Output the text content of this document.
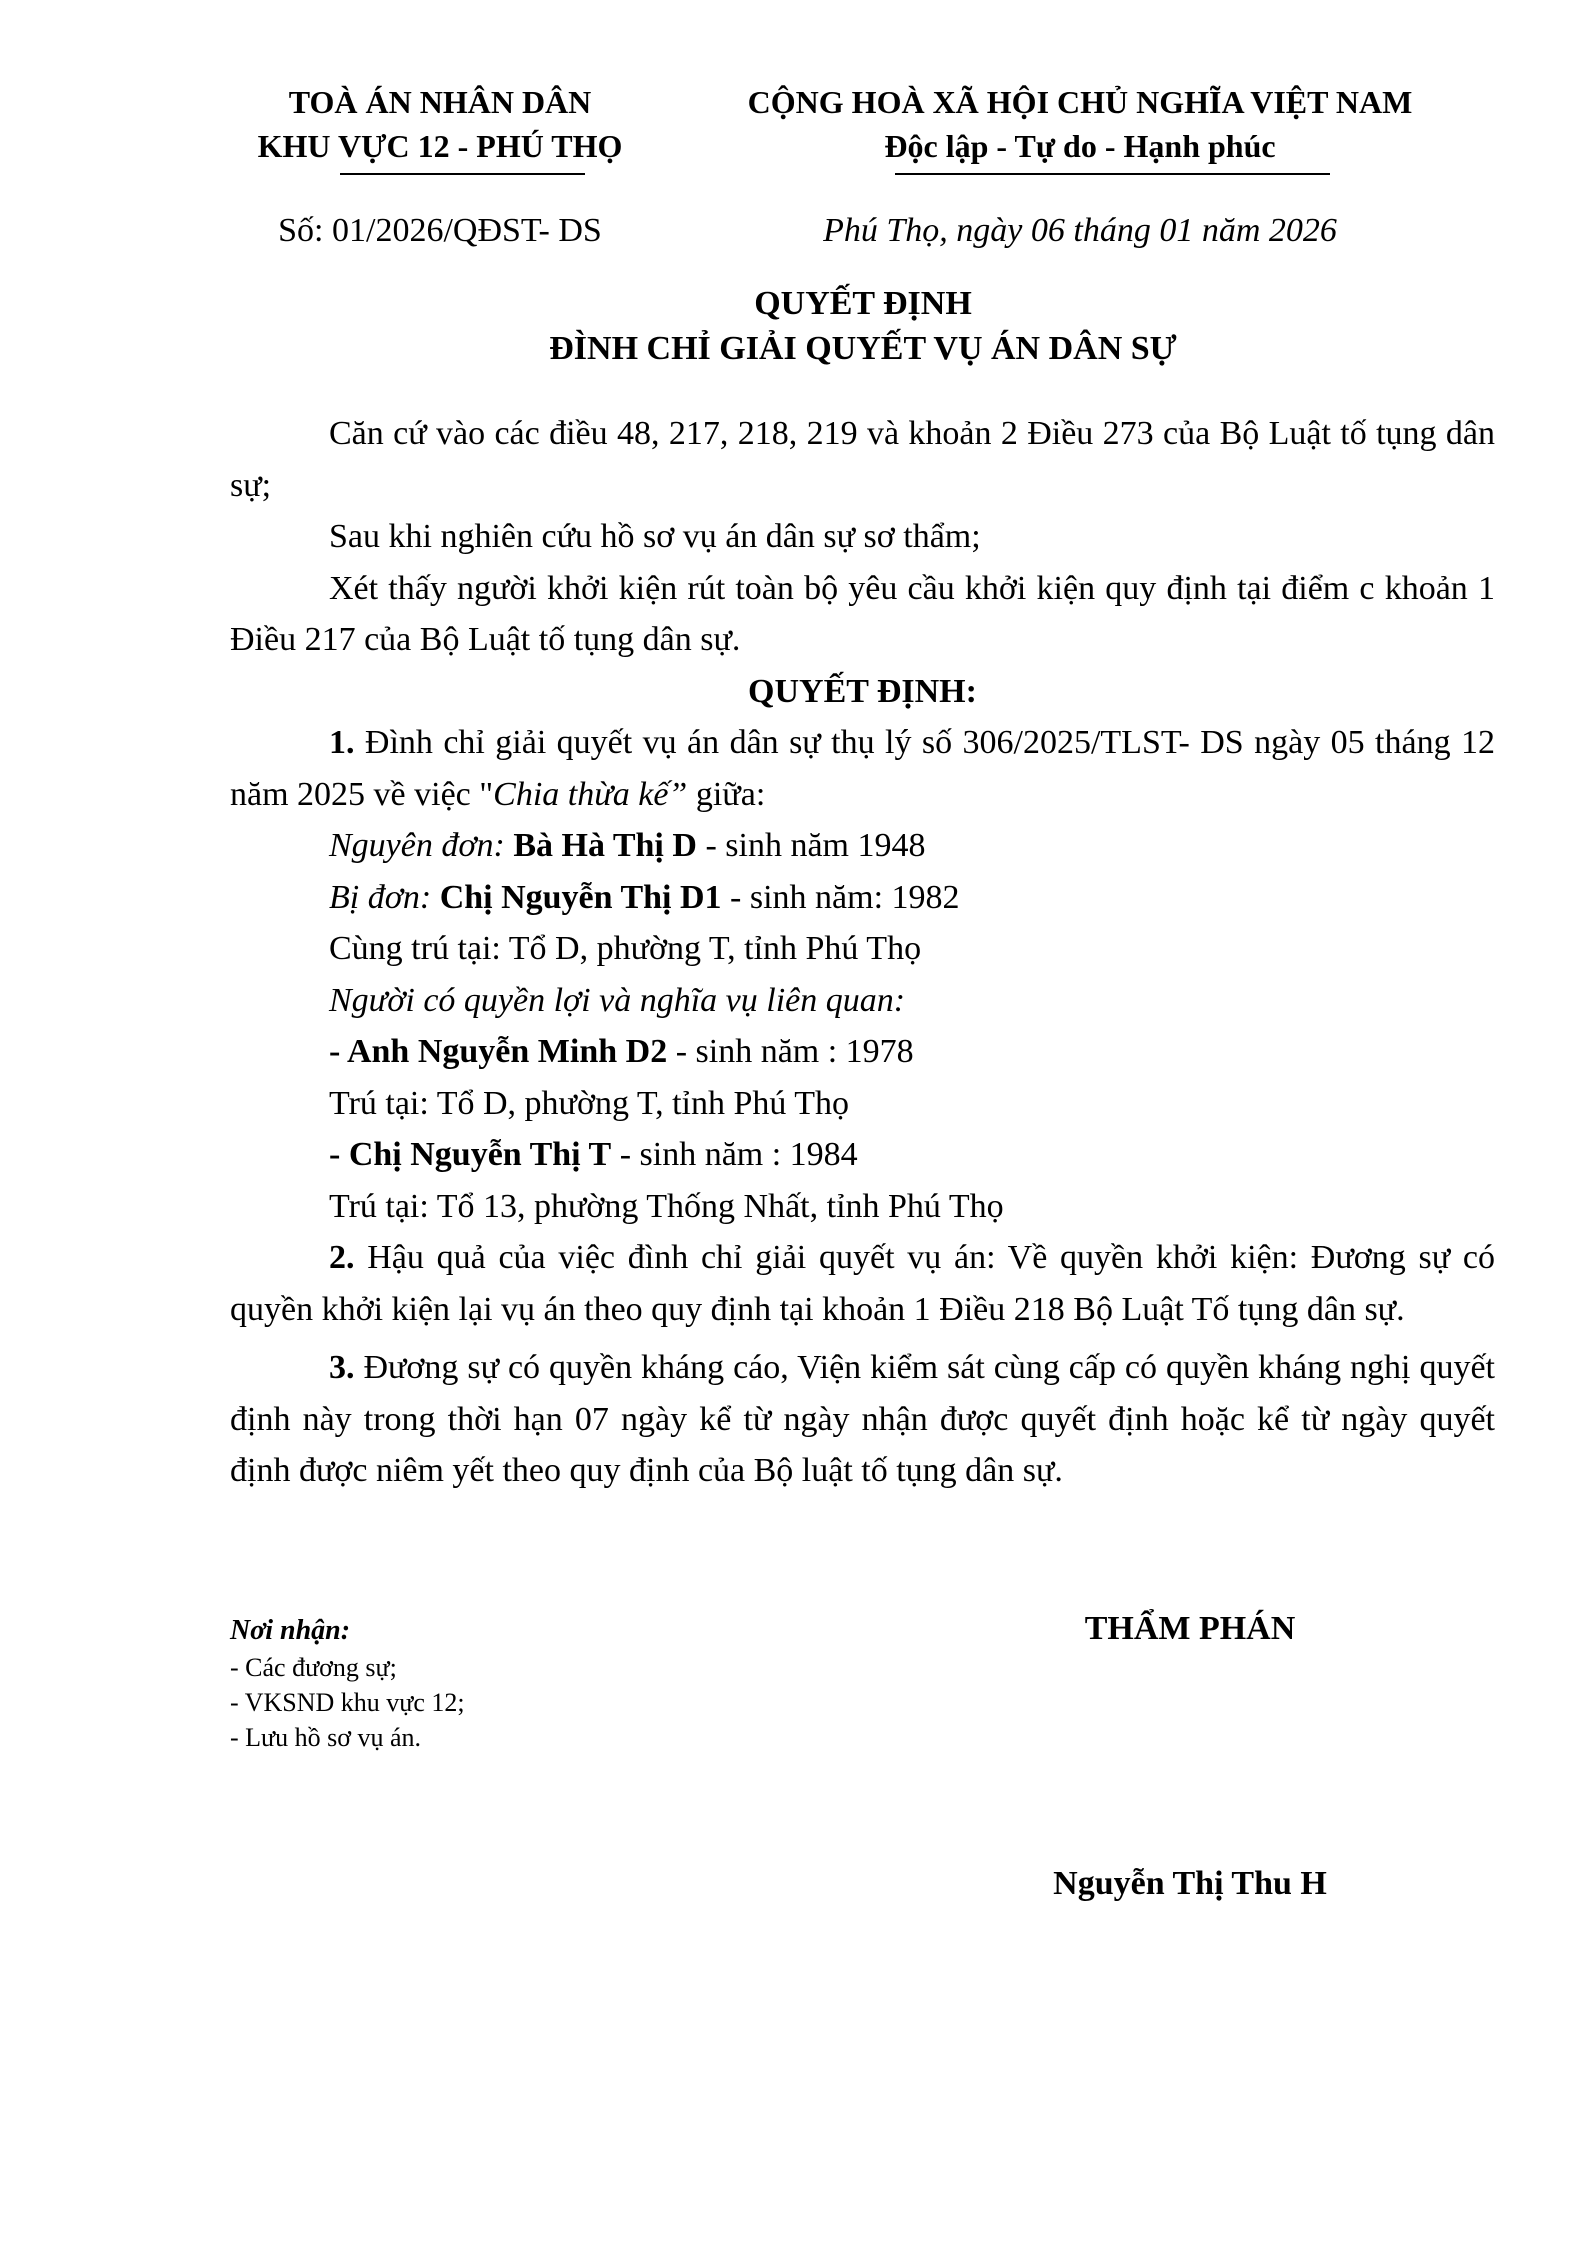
TOÀ ÁN NHÂN DÂN
KHU VỰC 12 - PHÚ THỌ
CỘNG HOÀ XÃ HỘI CHỦ NGHĨA VIỆT NAM
Độc lập - Tự do - Hạnh phúc
Số: 01/2026/QĐST- DS	Phú Thọ, ngày 06 tháng 01 năm 2026
QUYẾT ĐỊNH
ĐÌNH CHỈ GIẢI QUYẾT VỤ ÁN DÂN SỰ

Căn cứ vào các điều 48, 217, 218, 219 và khoản 2 Điều 273 của Bộ Luật tố tụng dân sự;

Sau khi nghiên cứu hồ sơ vụ án dân sự sơ thẩm;

Xét thấy người khởi kiện rút toàn bộ yêu cầu khởi kiện quy định tại điểm c khoản 1 Điều 217 của Bộ Luật tố tụng dân sự.

QUYẾT ĐỊNH:

1. Đình chỉ giải quyết vụ án dân sự thụ lý số 306/2025/TLST- DS ngày 05 tháng 12 năm 2025 về việc "Chia thừa kế” giữa:

Nguyên đơn: Bà Hà Thị D - sinh năm 1948

Bị đơn: Chị Nguyễn Thị D1 - sinh năm: 1982

Cùng trú tại: Tổ D, phường T, tỉnh Phú Thọ

Người có quyền lợi và nghĩa vụ liên quan:

- Anh Nguyễn Minh D2 - sinh năm : 1978

Trú tại: Tổ D, phường T, tỉnh Phú Thọ

- Chị Nguyễn Thị T - sinh năm : 1984

Trú tại: Tổ 13, phường Thống Nhất, tỉnh Phú Thọ

2. Hậu quả của việc đình chỉ giải quyết vụ án: Về quyền khởi kiện: Đương sự có quyền khởi kiện lại vụ án theo quy định tại khoản 1 Điều 218 Bộ Luật Tố tụng dân sự.

3. Đương sự có quyền kháng cáo, Viện kiểm sát cùng cấp có quyền kháng nghị quyết định này trong thời hạn 07 ngày kể từ ngày nhận được quyết định hoặc kể từ ngày quyết định được niêm yết theo quy định của Bộ luật tố tụng dân sự.

Nơi nhận:
- Các đương sự;
- VKSND khu vực 12;
- Lưu hồ sơ vụ án.
THẨM PHÁN
Nguyễn Thị Thu H
